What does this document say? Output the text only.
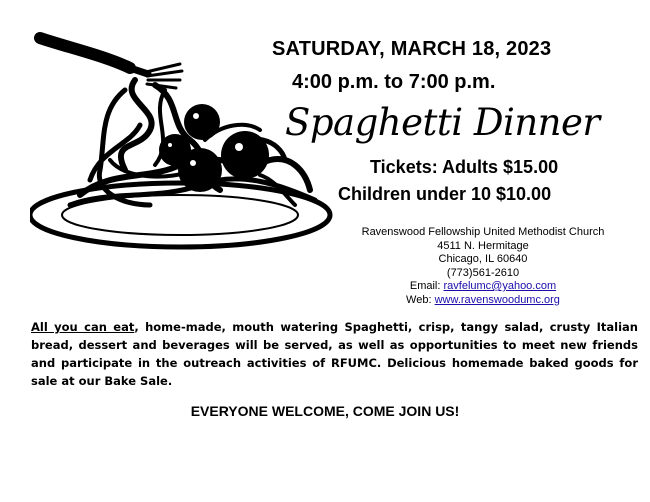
SATURDAY, MARCH 18, 2023
4:00 p.m. to 7:00 p.m.
Spaghetti Dinner
Tickets: Adults $15.00
Children under 10 $10.00
Ravenswood Fellowship United Methodist Church
4511 N. Hermitage
Chicago, IL 60640
(773)561-2610
Email: ravfelumc@yahoo.com
Web: www.ravenswoodumc.org
All you can eat, home-made, mouth watering Spaghetti, crisp, tangy salad, crusty Italian bread, dessert and beverages will be served, as well as opportunities to meet new friends and participate in the outreach activities of RFUMC. Delicious homemade baked goods for sale at our Bake Sale.
EVERYONE WELCOME, COME JOIN US!
